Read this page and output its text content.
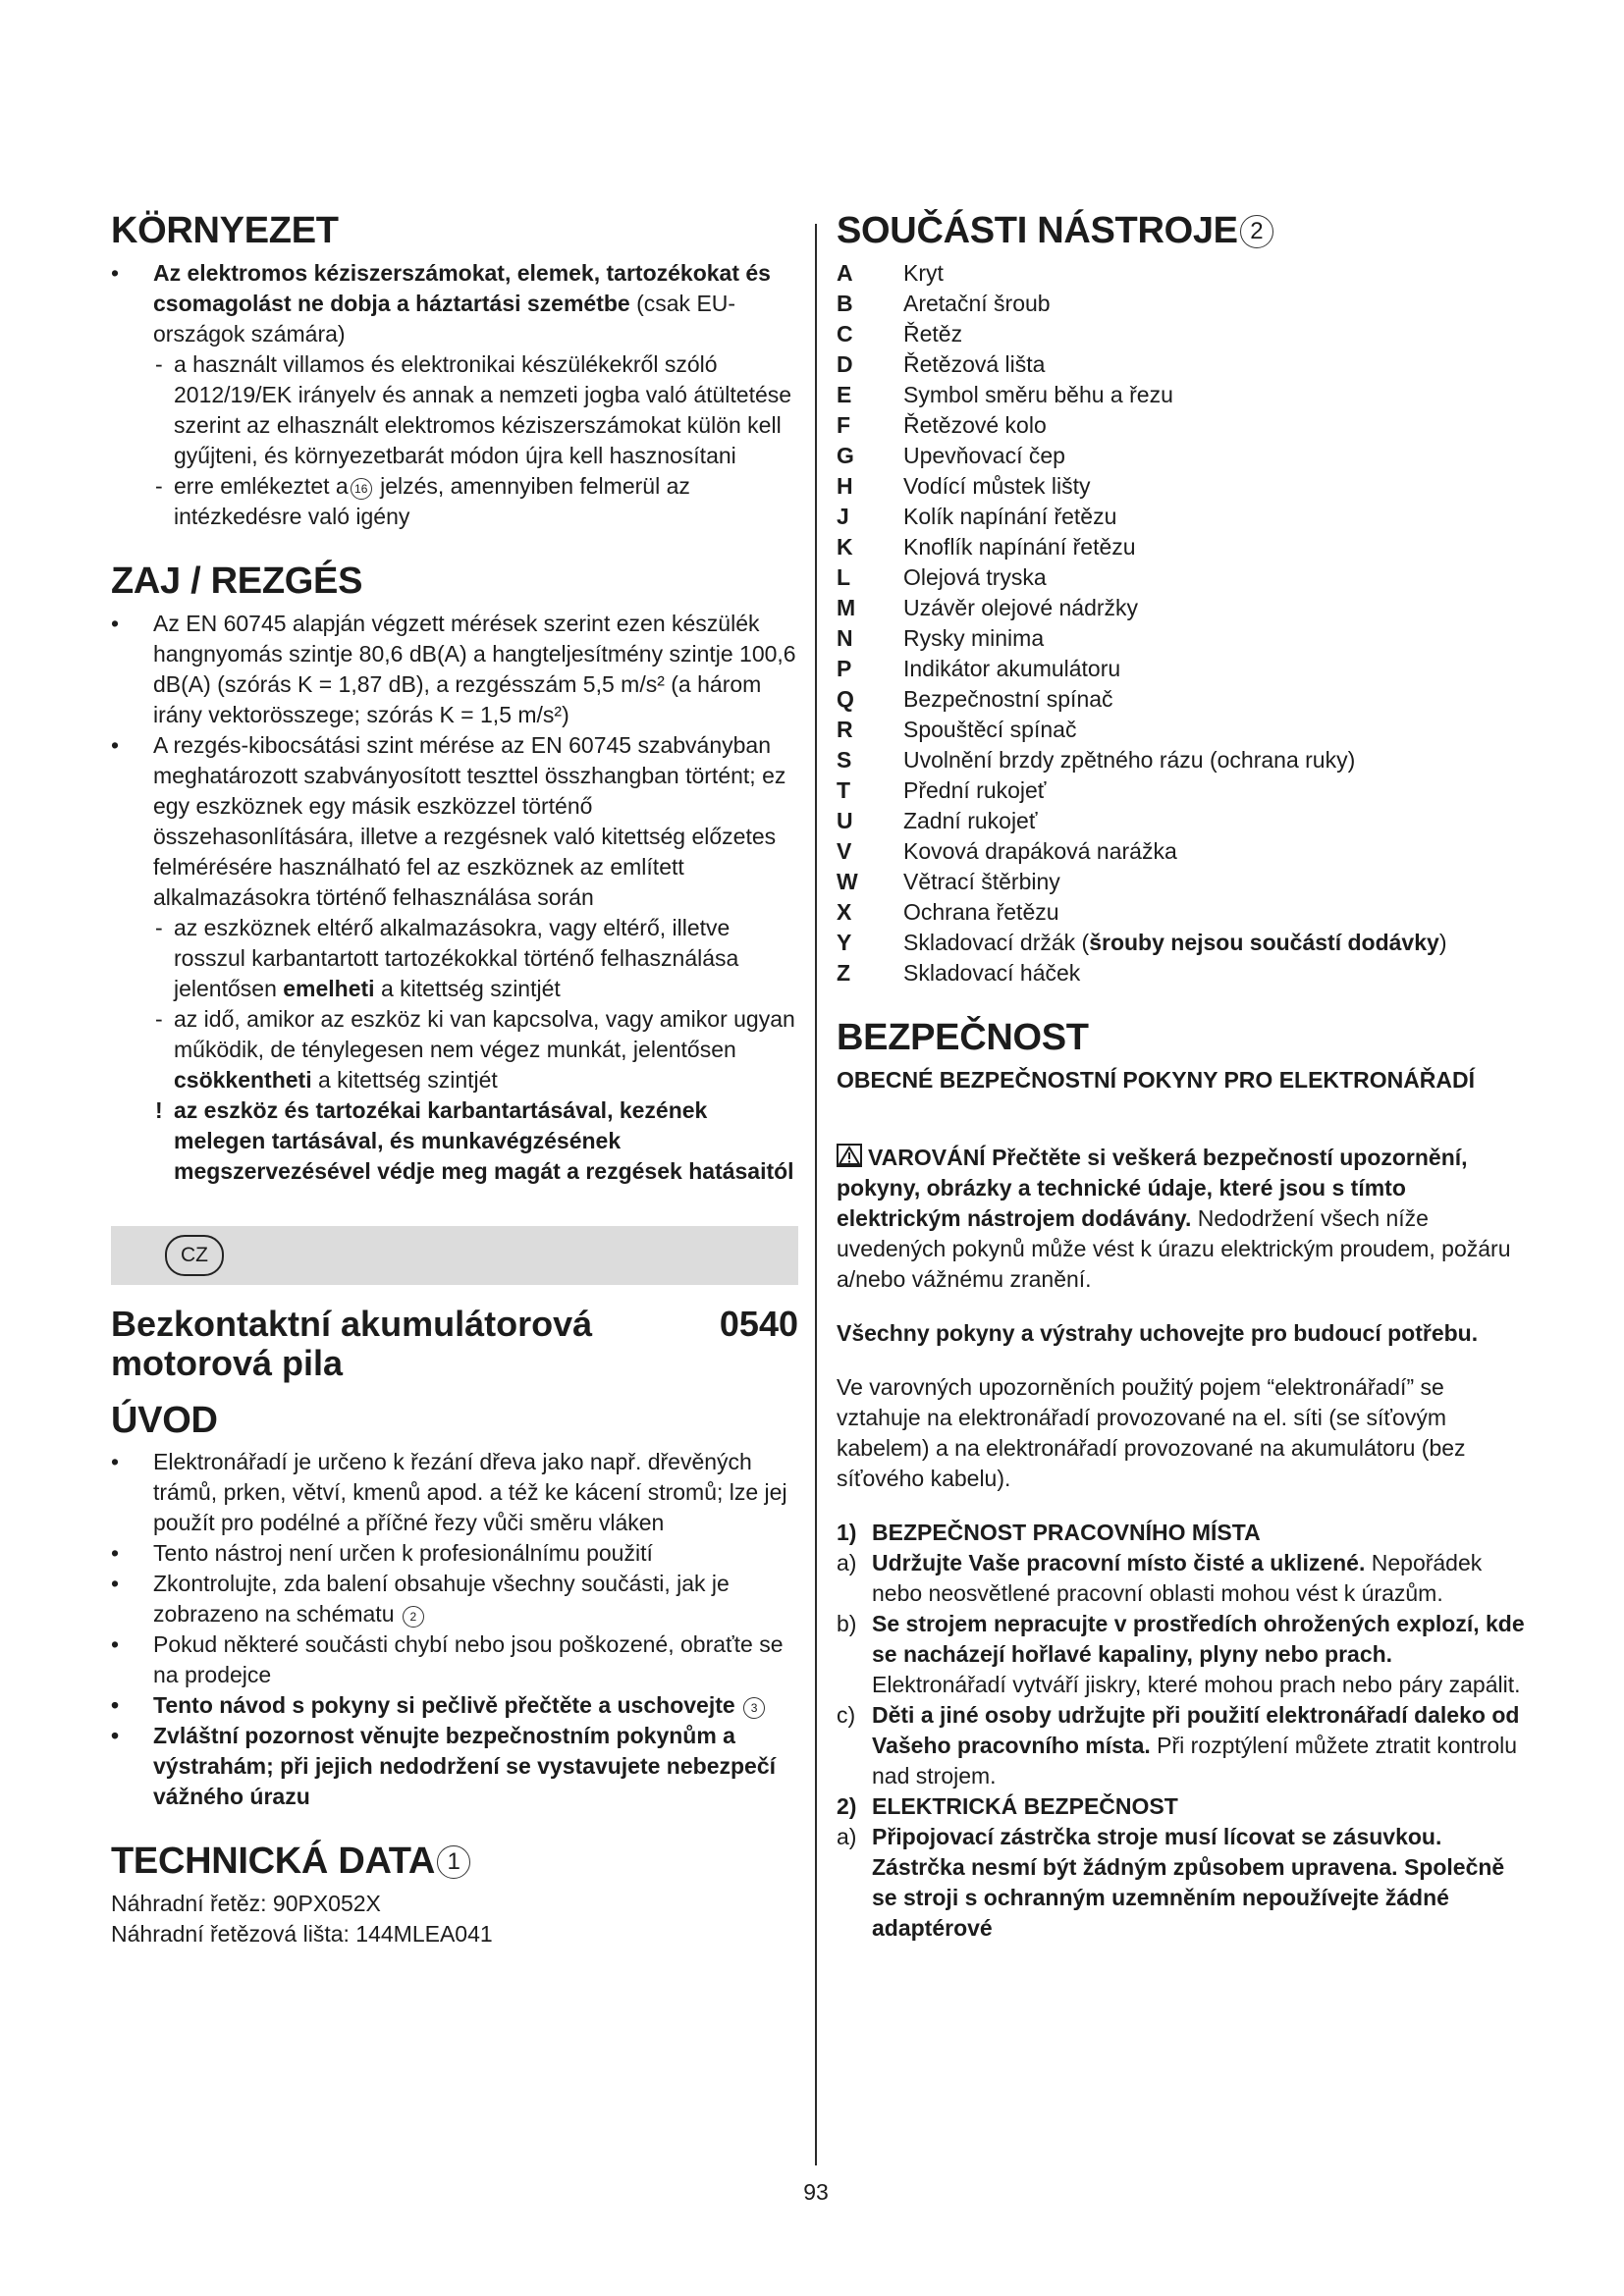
KÖRNYEZET
• Az elektromos kéziszerszámokat, elemek, tartozékokat és csomagolást ne dobja a háztartási szemétbe (csak EU-országok számára)
- a használt villamos és elektronikai készülékekről szóló 2012/19/EK irányelv és annak a nemzeti jogba való átültetése szerint az elhasznált elektromos kéziszerszámokat külön kell gyűjteni, és környezetbarát módon újra kell hasznosítani
- erre emlékeztet a 16 jelzés, amennyiben felmerül az intézkedésre való igény
ZAJ / REZGÉS
• Az EN 60745 alapján végzett mérések szerint ezen készülék hangnyomás szintje 80,6 dB(A) a hangteljesítmény szintje 100,6 dB(A) (szórás K = 1,87 dB), a rezgésszám 5,5 m/s² (a három irány vektorösszege; szórás K = 1,5 m/s²)
• A rezgés-kibocsátási szint mérése az EN 60745 szabványban meghatározott szabványosított teszttel összhangban történt; ez egy eszköznek egy másik eszközzel történő összehasonlítására, illetve a rezgésnek való kitettség előzetes felmérésére használható fel az eszköznek az említett alkalmazásokra történő felhasználása során
- az eszköznek eltérő alkalmazásokra, vagy eltérő, illetve rosszul karbantartott tartozékokkal történő felhasználása jelentősen emelheti a kitettség szintjét
- az idő, amikor az eszköz ki van kapcsolva, vagy amikor ugyan működik, de ténylegesen nem végez munkát, jelentősen csökkentheti a kitettség szintjét
! az eszköz és tartozékai karbantartásával, kezének melegen tartásával, és munkavégzésének megszervezésével védje meg magát a rezgések hatásaitól
CZ
Bezkontaktní akumulátorová
motorová pila
0540
ÚVOD
• Elektronářadí je určeno k řezání dřeva jako např. dřevěných trámů, prken, větví, kmenů apod. a též ke kácení stromů; lze jej použít pro podélné a příčné řezy vůči směru vláken
• Tento nástroj není určen k profesionálnímu použití
• Zkontrolujte, zda balení obsahuje všechny součásti, jak je zobrazeno na schématu 2
• Pokud některé součásti chybí nebo jsou poškozené, obraťte se na prodejce
• Tento návod s pokyny si pečlivě přečtěte a uschovejte 3
• Zvláštní pozornost věnujte bezpečnostním pokynům a výstrahám; při jejich nedodržení se vystavujete nebezpečí vážného úrazu
TECHNICKÁ DATA 1

Náhradní řetěz: 90PX052X

Náhradní řetězová lišta: 144MLEA041

SOUČÁSTI NÁSTROJE 2
A	Kryt
B	Aretační šroub
C	Řetěz
D	Řetězová lišta
E	Symbol směru běhu a řezu
F	Řetězové kolo
G	Upevňovací čep
H	Vodící můstek lišty
J	Kolík napínání řetězu
K	Knoflík napínání řetězu
L	Olejová tryska
M	Uzávěr olejové nádržky
N	Rysky minima
P	Indikátor akumulátoru
Q	Bezpečnostní spínač
R	Spouštěcí spínač
S	Uvolnění brzdy zpětného rázu (ochrana ruky)
T	Přední rukojeť
U	Zadní rukojeť
V	Kovová drapáková narážka
W	Větrací štěrbiny
X	Ochrana řetězu
Y	Skladovací držák ( šrouby nejsou součástí dodávky )
Z	Skladovací háček
BEZPEČNOST

OBECNÉ BEZPEČNOSTNÍ POKYNY PRO ELEKTRONÁŘADÍ

VAROVÁNÍ Přečtěte si veškerá bezpečností upozornění, pokyny, obrázky a technické údaje, které jsou s tímto elektrickým nástrojem dodávány. Nedodržení všech níže uvedených pokynů může vést k úrazu elektrickým proudem, požáru a/nebo vážnému zranění.

Všechny pokyny a výstrahy uchovejte pro budoucí potřebu.

Ve varovných upozorněních použitý pojem “elektronářadí” se vztahuje na elektronářadí provozované na el. síti (se síťovým kabelem) a na elektronářadí provozované na akumulátoru (bez síťového kabelu).

1) BEZPEČNOST PRACOVNÍHO MÍSTA
a) Udržujte Vaše pracovní místo čisté a uklizené. Nepořádek nebo neosvětlené pracovní oblasti mohou vést k úrazům.
b) Se strojem nepracujte v prostředích ohrožených explozí, kde se nacházejí hořlavé kapaliny, plyny nebo prach. Elektronářadí vytváří jiskry, které mohou prach nebo páry zapálit.
c) Děti a jiné osoby udržujte při použití elektronářadí daleko od Vašeho pracovního místa. Při rozptýlení můžete ztratit kontrolu nad strojem.
2) ELEKTRICKÁ BEZPEČNOST
a) Připojovací zástrčka stroje musí lícovat se zásuvkou. Zástrčka nesmí být žádným způsobem upravena. Společně se stroji s ochranným uzemněním nepoužívejte žádné adaptérové
93
